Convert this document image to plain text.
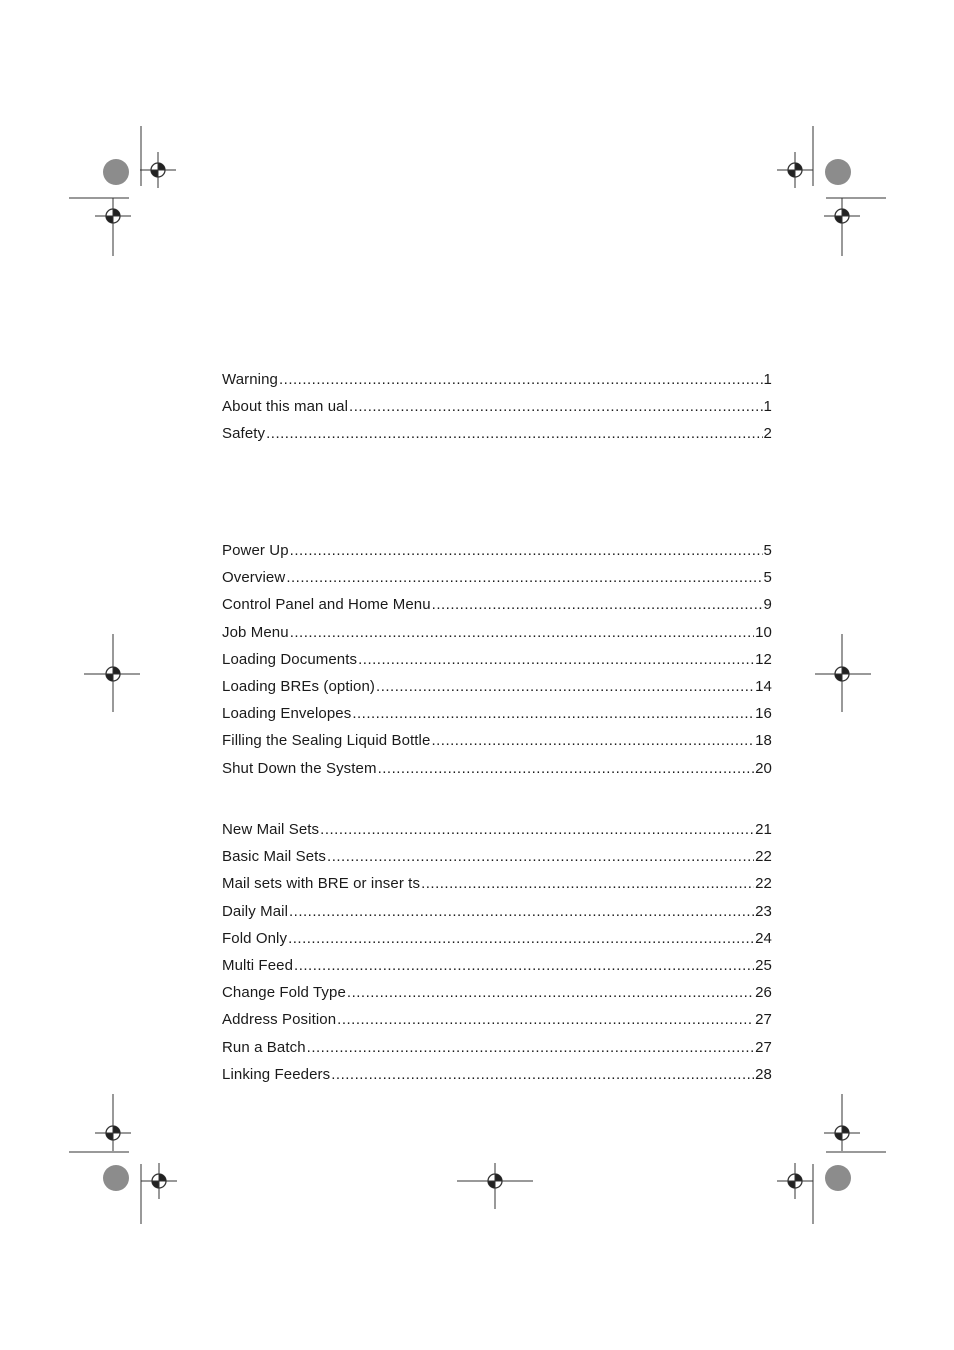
Warning .....	1
About this man ual .....	1
Safety .....	2
Power Up .....	5
Overview .....	5
Control Panel and Home Menu .....	9
Job Menu .....	10
Loading Documents .....	12
Loading BREs (option) .....	14
Loading Envelopes .....	16
Filling the Sealing Liquid Bottle .....	18
Shut Down the System .....	20
New Mail Sets .....	21
Basic Mail Sets .....	22
Mail sets with BRE or inser ts .....	22
Daily Mail .....	23
Fold Only .....	24
Multi Feed .....	25
Change Fold Type .....	26
Address Position .....	27
Run a Batch .....	27
Linking Feeders .....	28
